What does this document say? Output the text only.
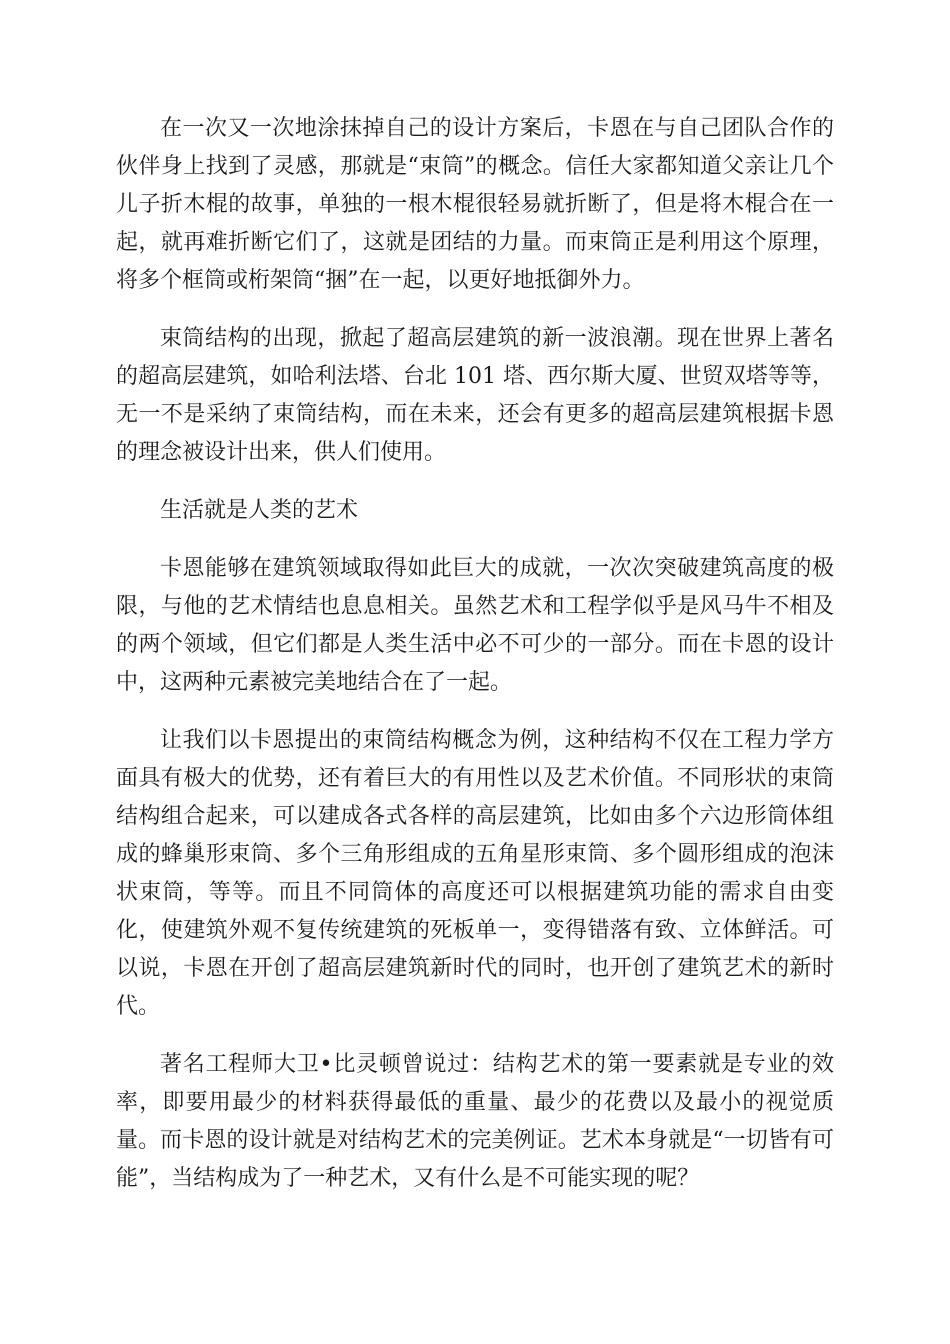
在一次又一次地涂抹掉自己的设计方案后，卡恩在与自己团队合作的伙伴身上找到了灵感，那就是“束筒”的概念。信任大家都知道父亲让几个儿子折木棍的故事，单独的一根木棍很轻易就折断了，但是将木棍合在一起，就再难折断它们了，这就是团结的力量。而束筒正是利用这个原理，将多个框筒或桁架筒“捆”在一起，以更好地抵御外力。

束筒结构的出现，掀起了超高层建筑的新一波浪潮。现在世界上著名的超高层建筑，如哈利法塔、台北 101 塔、西尔斯大厦、世贸双塔等等，无一不是采纳了束筒结构，而在未来，还会有更多的超高层建筑根据卡恩的理念被设计出来，供人们使用。

生活就是人类的艺术

卡恩能够在建筑领域取得如此巨大的成就，一次次突破建筑高度的极限，与他的艺术情结也息息相关。虽然艺术和工程学似乎是风马牛不相及的两个领域，但它们都是人类生活中必不可少的一部分。而在卡恩的设计中，这两种元素被完美地结合在了一起。

让我们以卡恩提出的束筒结构概念为例，这种结构不仅在工程力学方面具有极大的优势，还有着巨大的有用性以及艺术价值。不同形状的束筒结构组合起来，可以建成各式各样的高层建筑，比如由多个六边形筒体组成的蜂巢形束筒、多个三角形组成的五角星形束筒、多个圆形组成的泡沫状束筒，等等。而且不同筒体的高度还可以根据建筑功能的需求自由变化，使建筑外观不复传统建筑的死板单一，变得错落有致、立体鲜活。可以说，卡恩在开创了超高层建筑新时代的同时，也开创了建筑艺术的新时代。

著名工程师大卫•比灵顿曾说过：结构艺术的第一要素就是专业的效率，即要用最少的材料获得最低的重量、最少的花费以及最小的视觉质量。而卡恩的设计就是对结构艺术的完美例证。艺术本身就是“一切皆有可能”，当结构成为了一种艺术，又有什么是不可能实现的呢？
